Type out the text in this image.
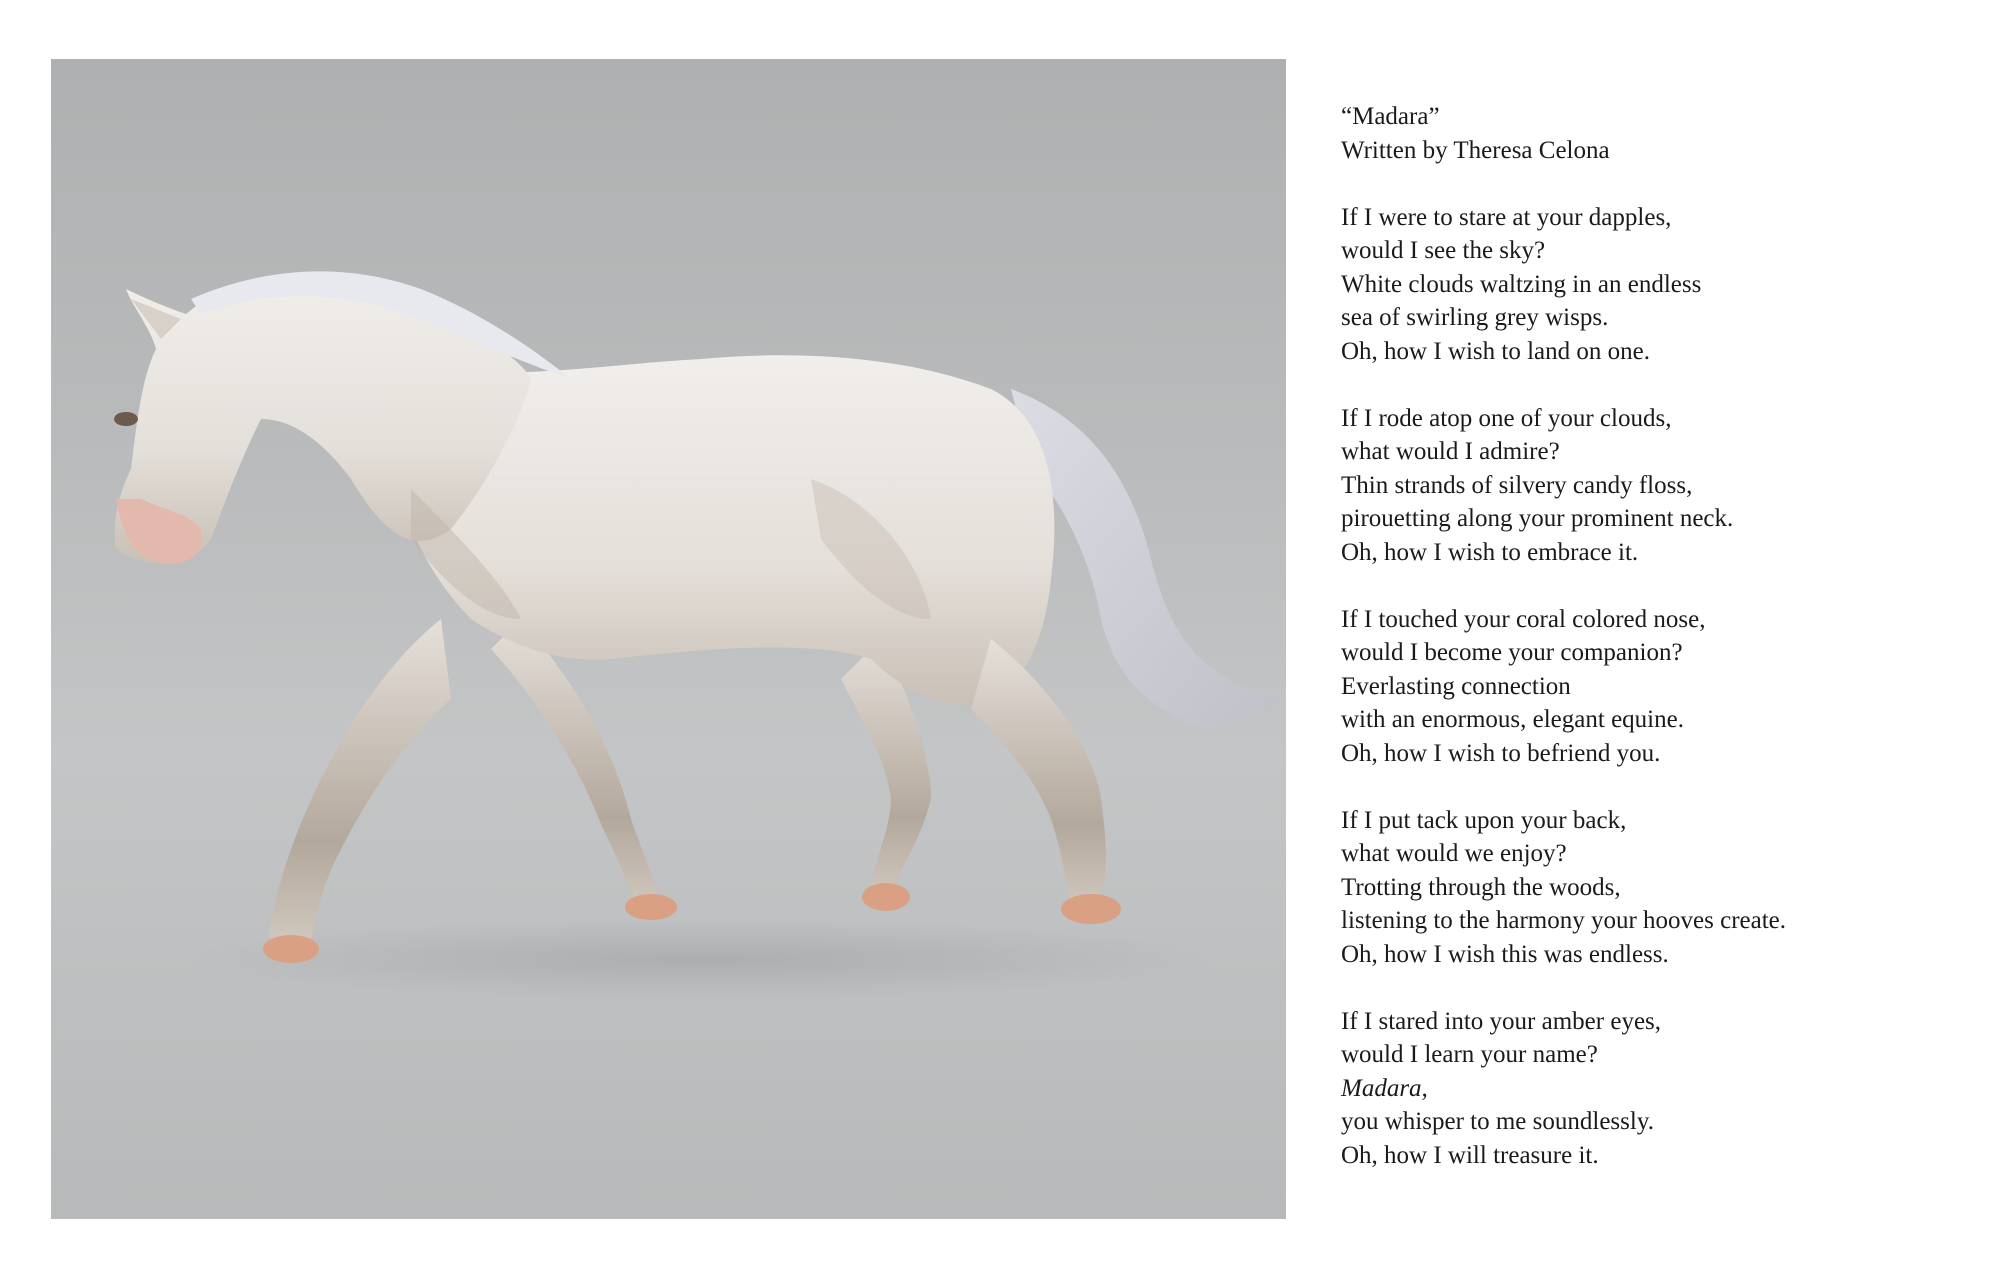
“Madara”
Written by Theresa Celona
If I were to stare at your dapples,
would I see the sky?
White clouds waltzing in an endless
sea of swirling grey wisps.
Oh, how I wish to land on one.
If I rode atop one of your clouds,
what would I admire?
Thin strands of silvery candy floss,
pirouetting along your prominent neck.
Oh, how I wish to embrace it.
If I touched your coral colored nose,
would I become your companion?
Everlasting connection
with an enormous, elegant equine.
Oh, how I wish to befriend you.
If I put tack upon your back,
what would we enjoy?
Trotting through the woods,
listening to the harmony your hooves create.
Oh, how I wish this was endless.
If I stared into your amber eyes,
would I learn your name?
Madara,
you whisper to me soundlessly.
Oh, how I will treasure it.
